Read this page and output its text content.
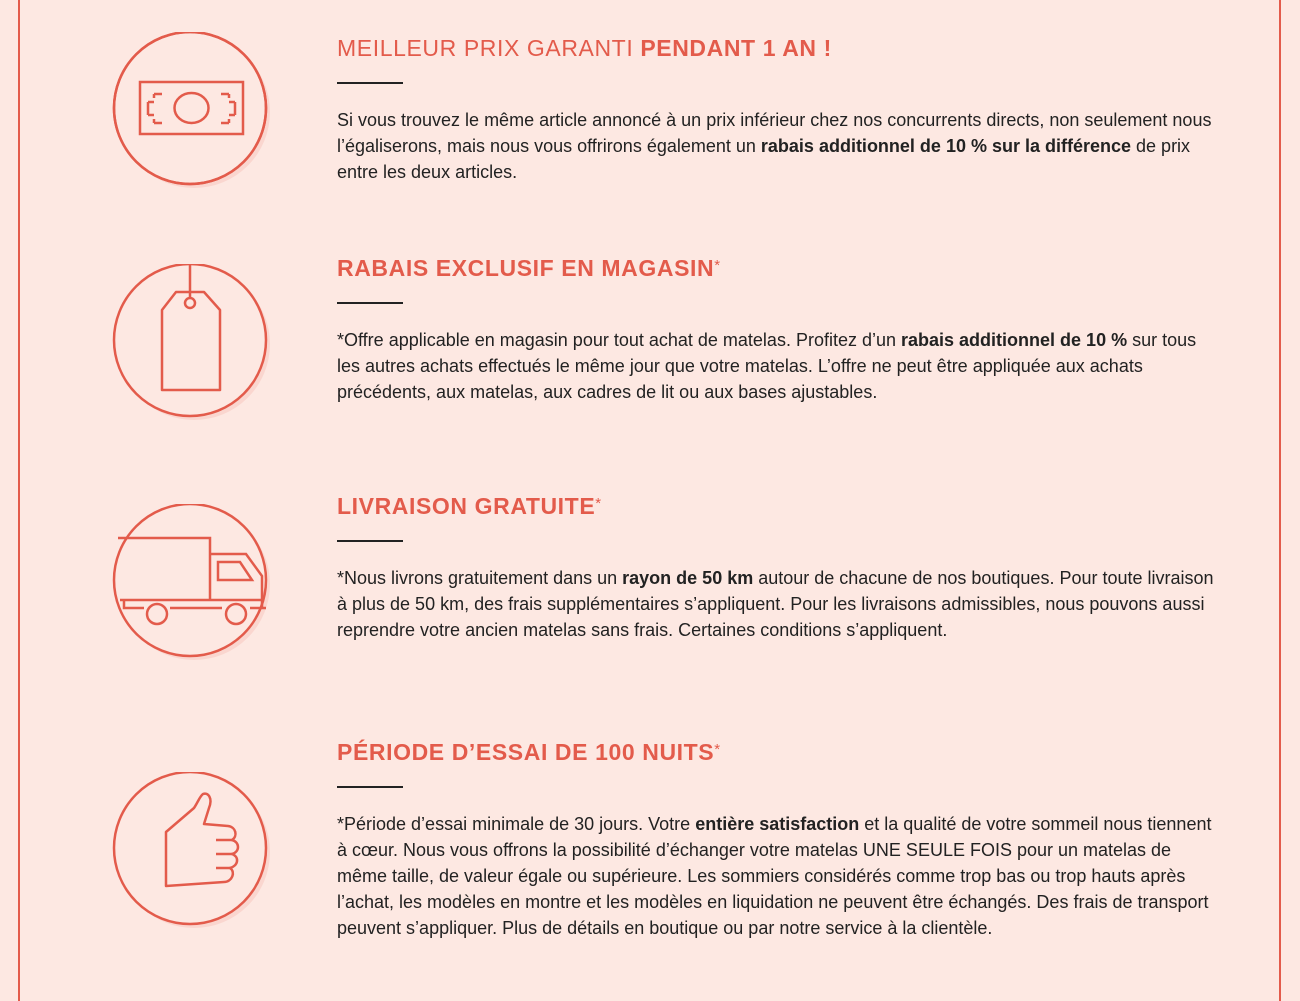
MEILLEUR PRIX GARANTI PENDANT 1 AN !

Si vous trouvez le même article annoncé à un prix inférieur chez nos concurrents directs, non seulement nous l’égaliserons, mais nous vous offrirons également un rabais additionnel de 10 % sur la différence de prix entre les deux articles.

RABAIS EXCLUSIF EN MAGASIN*

*Offre applicable en magasin pour tout achat de matelas. Profitez d’un rabais additionnel de 10 % sur tous les autres achats effectués le même jour que votre matelas. L’offre ne peut être appliquée aux achats précédents, aux matelas, aux cadres de lit ou aux bases ajustables.

LIVRAISON GRATUITE*

*Nous livrons gratuitement dans un rayon de 50 km autour de chacune de nos boutiques. Pour toute livraison à plus de 50 km, des frais supplémentaires s’appliquent. Pour les livraisons admissibles, nous pouvons aussi reprendre votre ancien matelas sans frais. Certaines conditions s’appliquent.

PÉRIODE D’ESSAI DE 100 NUITS*

*Période d’essai minimale de 30 jours. Votre entière satisfaction et la qualité de votre sommeil nous tiennent à cœur. Nous vous offrons la possibilité d’échanger votre matelas UNE SEULE FOIS pour un matelas de même taille, de valeur égale ou supérieure. Les sommiers considérés comme trop bas ou trop hauts après l’achat, les modèles en montre et les modèles en liquidation ne peuvent être échangés. Des frais de transport peuvent s’appliquer. Plus de détails en boutique ou par notre service à la clientèle.
